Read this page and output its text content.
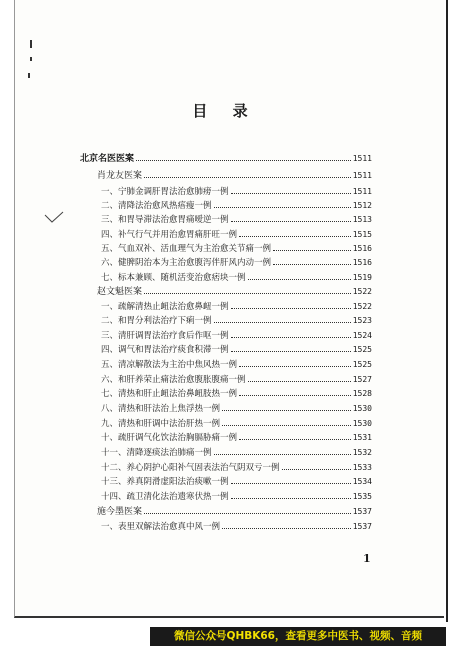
目 录
北京名医医案	1511
肖龙友医案	1511
一、宁肺金调肝胃法治愈肺痨一例	1511
二、清降法治愈风热痦瘦一例	1512
三、和胃导滞法治愈胃痛嗳逆一例	1513
四、补气行气并用治愈胃痛肝旺一例	1515
五、气血双补、活血理气为主治愈关节痛一例	1516
六、健脾阴治本为主治愈腹泻伴肝风内动一例	1516
七、标本兼顾、随机活变治愈痞块一例	1519
赵文魁医案	1522
一、疏解清热止衄法治愈鼻衄一例	1522
二、和胃分利法治疗下痢一例	1523
三、清肝调胃法治疗食后作呕一例	1524
四、调气和胃法治疗痰食积滞一例	1525
五、清凉解散法为主治中焦风热一例	1525
六、和肝养荣止痛法治愈腹胀腹痛一例	1527
七、清热和肝止衄法治鼻衄肢热一例	1528
八、清热和肝法治上焦浮热一例	1530
九、清热和肝调中法治肝热一例	1530
十、疏肝调气化饮法治胸膈胁痛一例	1531
十一、清降逐痰法治肺痛一例	1532
十二、养心阴护心阳补气固表法治气阴双亏一例	1533
十三、养真阴滑虚阳法治痰嗽一例	1534
十四、疏卫清化法治遗寒伏热一例	1535
施今墨医案	1537
一、表里双解法治愈真中风一例	1537
1
微信公众号QHBK66，查看更多中医书、视频、音频
